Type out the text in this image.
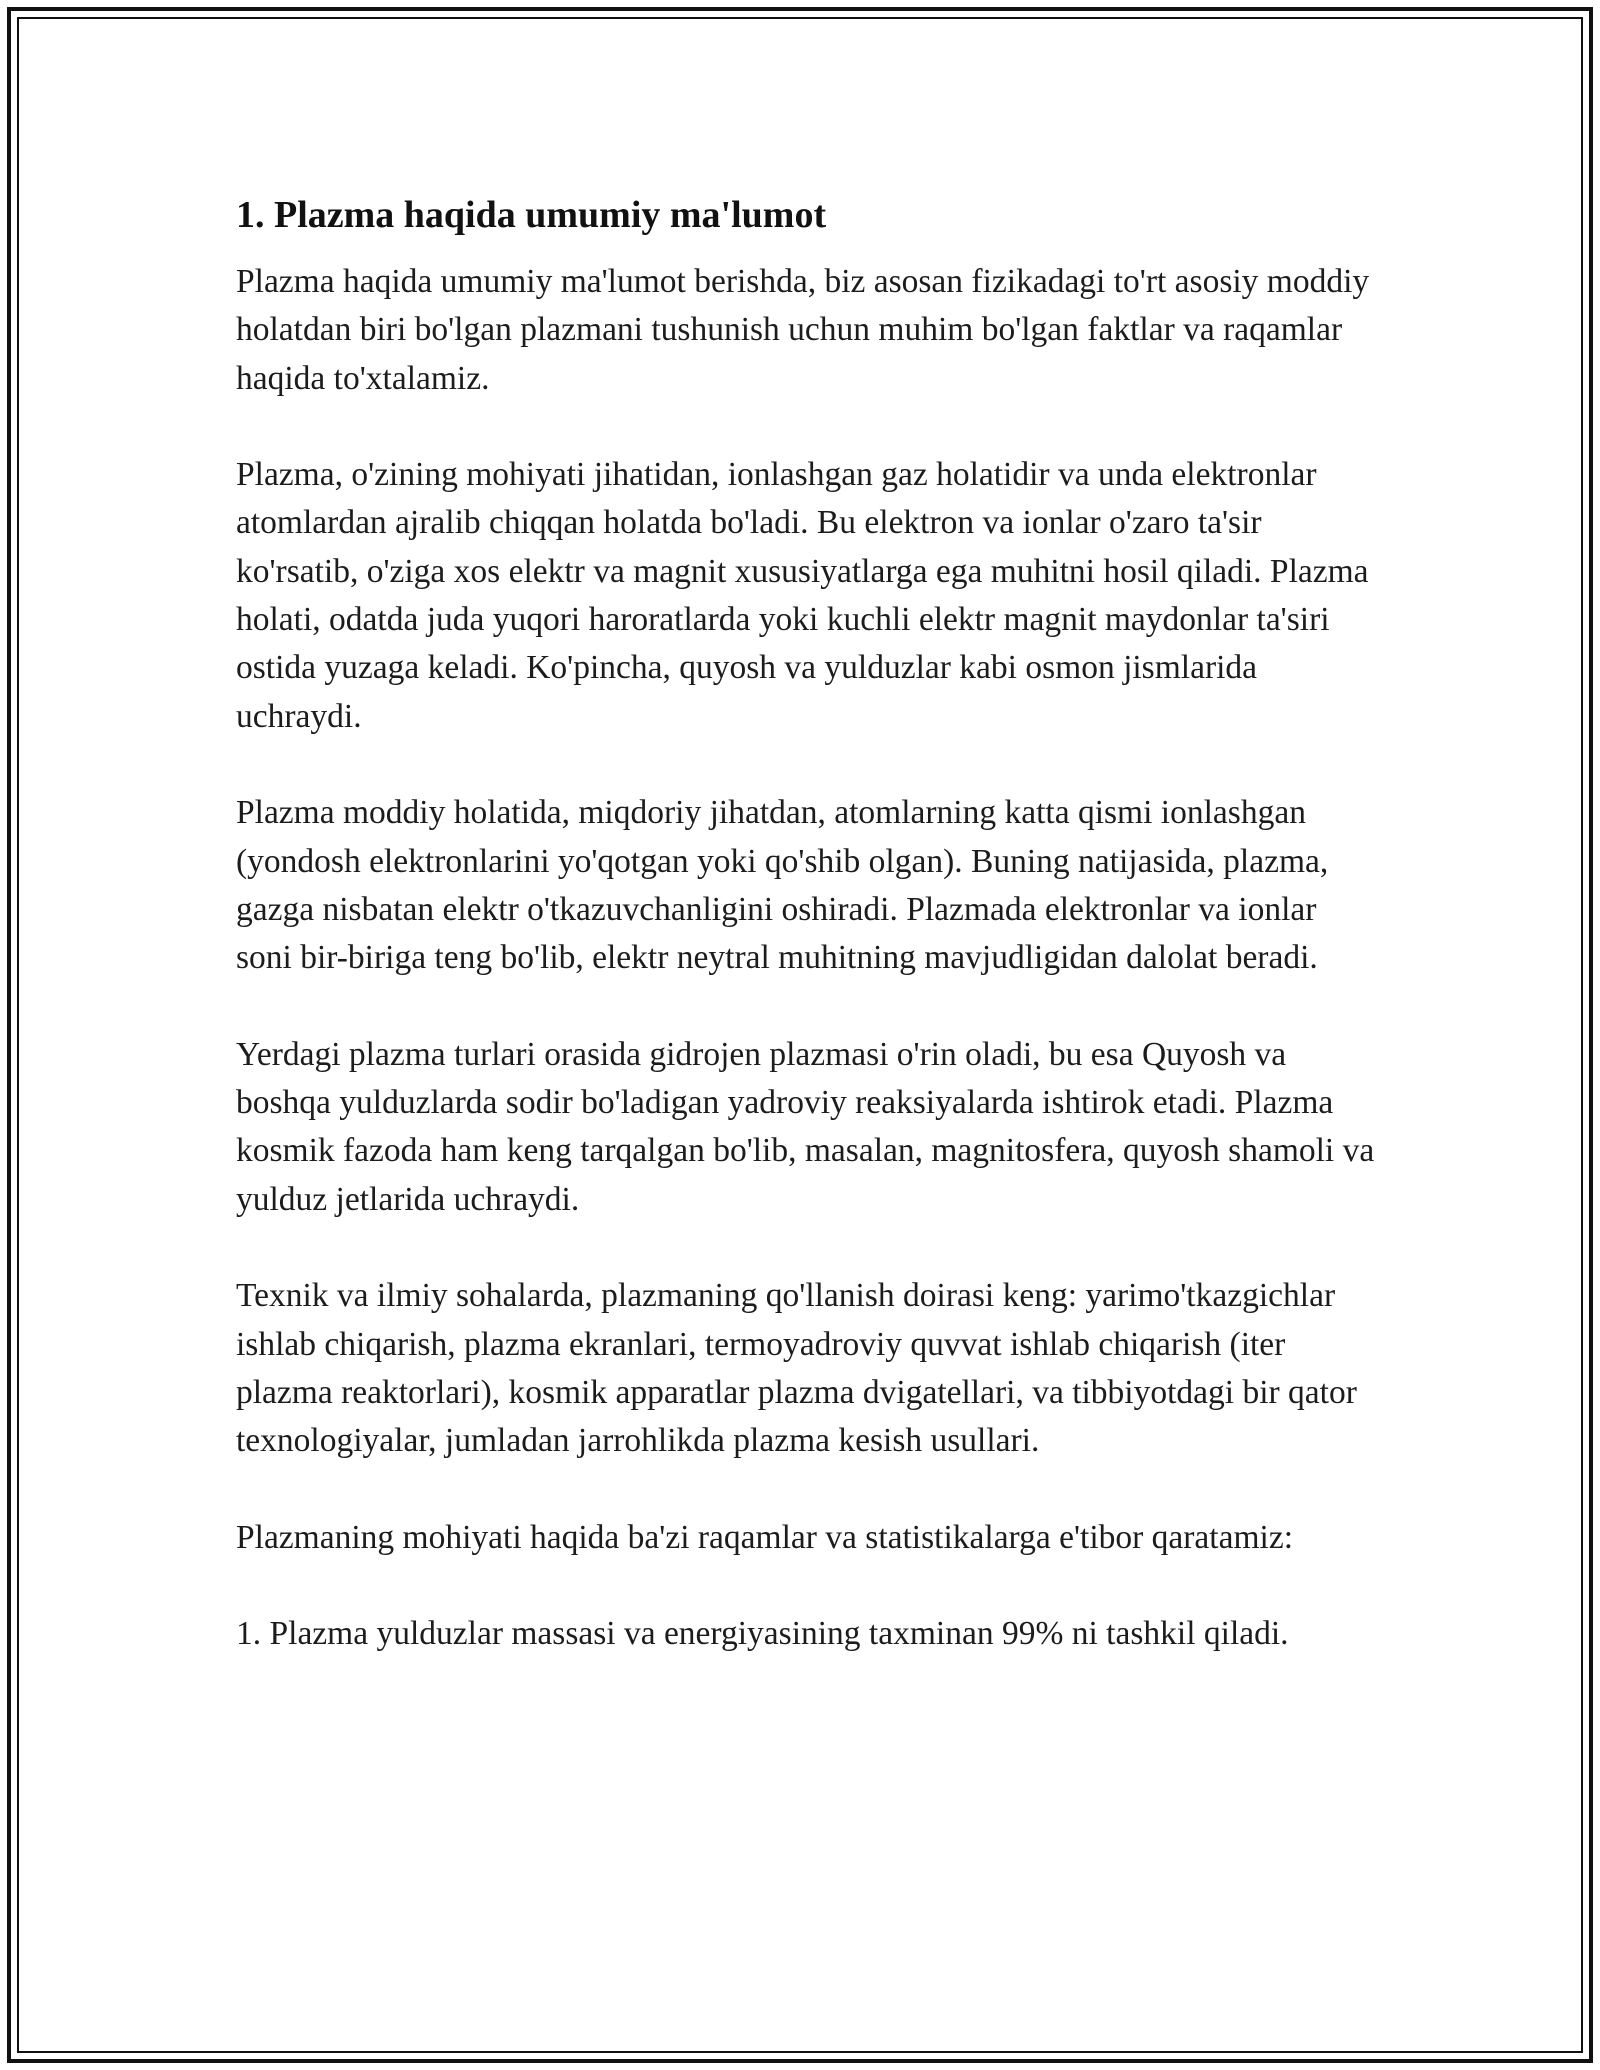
1. Plazma haqida umumiy ma'lumot

Plazma haqida umumiy ma'lumot berishda, biz asosan fizikadagi to'rt asosiy moddiy holatdan biri bo'lgan plazmani tushunish uchun muhim bo'lgan faktlar va raqamlar haqida to'xtalamiz.

Plazma, o'zining mohiyati jihatidan, ionlashgan gaz holatidir va unda elektronlar atomlardan ajralib chiqqan holatda bo'ladi. Bu elektron va ionlar o'zaro ta'sir ko'rsatib, o'ziga xos elektr va magnit xususiyatlarga ega muhitni hosil qiladi. Plazma holati, odatda juda yuqori haroratlarda yoki kuchli elektr magnit maydonlar ta'siri ostida yuzaga keladi. Ko'pincha, quyosh va yulduzlar kabi osmon jismlarida uchraydi.

Plazma moddiy holatida, miqdoriy jihatdan, atomlarning katta qismi ionlashgan (yondosh elektronlarini yo'qotgan yoki qo'shib olgan). Buning natijasida, plazma, gazga nisbatan elektr o'tkazuvchanligini oshiradi. Plazmada elektronlar va ionlar soni bir-biriga teng bo'lib, elektr neytral muhitning mavjudligidan dalolat beradi.

Yerdagi plazma turlari orasida gidrojen plazmasi o'rin oladi, bu esa Quyosh va boshqa yulduzlarda sodir bo'ladigan yadroviy reaksiyalarda ishtirok etadi. Plazma kosmik fazoda ham keng tarqalgan bo'lib, masalan, magnitosfera, quyosh shamoli va yulduz jetlarida uchraydi.

Texnik va ilmiy sohalarda, plazmaning qo'llanish doirasi keng: yarimo'tkazgichlar ishlab chiqarish, plazma ekranlari, termoyadroviy quvvat ishlab chiqarish (iter plazma reaktorlari), kosmik apparatlar plazma dvigatellari, va tibbiyotdagi bir qator texnologiyalar, jumladan jarrohlikda plazma kesish usullari.

Plazmaning mohiyati haqida ba'zi raqamlar va statistikalarga e'tibor qaratamiz:

1. Plazma yulduzlar massasi va energiyasining taxminan 99% ni tashkil qiladi.
